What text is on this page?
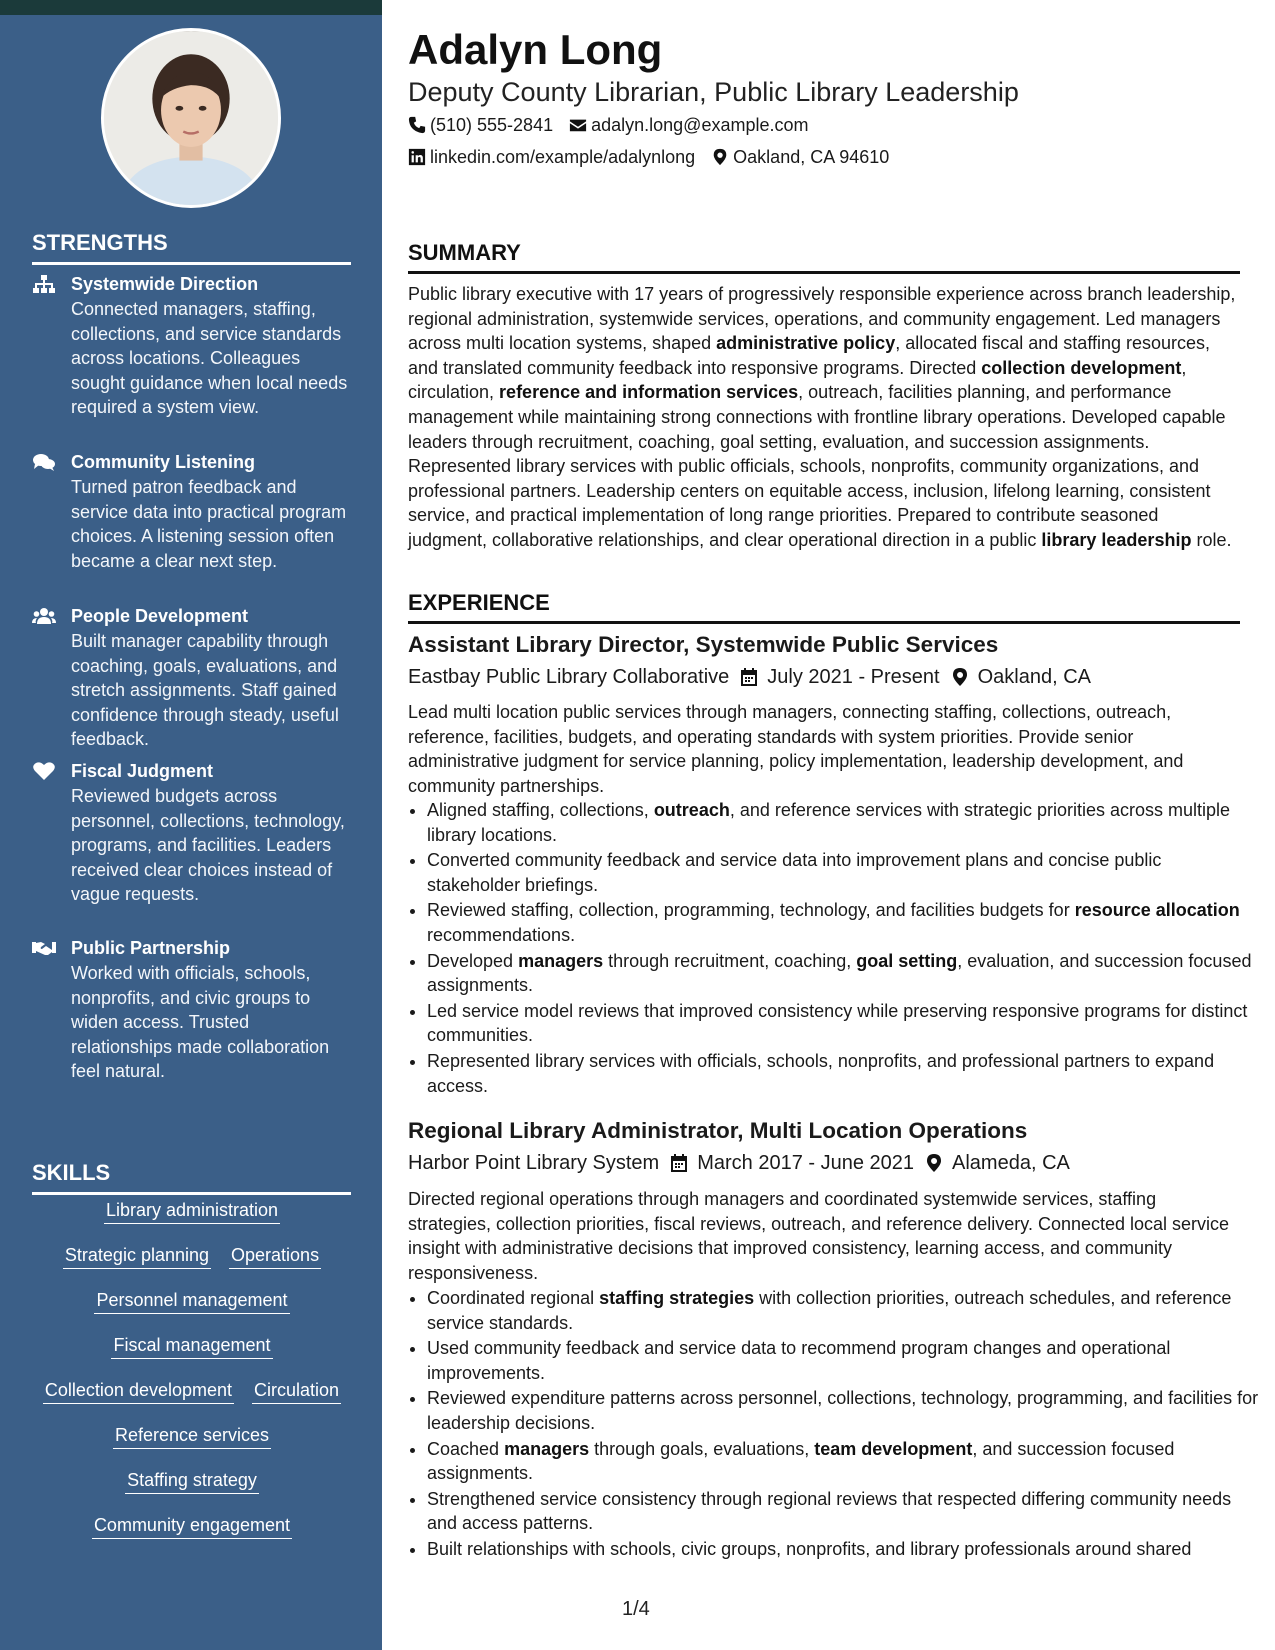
STRENGTHS
Systemwide Direction
Connected managers, staffing, collections, and service standards across locations. Colleagues sought guidance when local needs required a system view.
Community Listening
Turned patron feedback and service data into practical program choices. A listening session often became a clear next step.
People Development
Built manager capability through coaching, goals, evaluations, and stretch assignments. Staff gained confidence through steady, useful feedback.
Fiscal Judgment
Reviewed budgets across personnel, collections, technology, programs, and facilities. Leaders received clear choices instead of vague requests.
Public Partnership
Worked with officials, schools, nonprofits, and civic groups to widen access. Trusted relationships made collaboration feel natural.
SKILLS
Library administration
Strategic planning Operations
Personnel management
Fiscal management
Collection development Circulation
Reference services
Staffing strategy
Community engagement
Adalyn Long
Deputy County Librarian, Public Library Leadership
(510) 555-2841 adalyn.long@example.com
linkedin.com/example/adalynlong Oakland, CA 94610
SUMMARY

Public library executive with 17 years of progressively responsible experience across branch leadership, regional administration, systemwide services, operations, and community engagement. Led managers across multi location systems, shaped administrative policy, allocated fiscal and staffing resources, and translated community feedback into responsive programs. Directed collection development, circulation, reference and information services, outreach, facilities planning, and performance management while maintaining strong connections with frontline library operations. Developed capable leaders through recruitment, coaching, goal setting, evaluation, and succession assignments. Represented library services with public officials, schools, nonprofits, community organizations, and professional partners. Leadership centers on equitable access, inclusion, lifelong learning, consistent service, and practical implementation of long range priorities. Prepared to contribute seasoned judgment, collaborative relationships, and clear operational direction in a public library leadership role.

EXPERIENCE
Assistant Library Director, Systemwide Public Services
Eastbay Public Library Collaborative July 2021 - Present Oakland, CA

Lead multi location public services through managers, connecting staffing, collections, outreach, reference, facilities, budgets, and operating standards with system priorities. Provide senior administrative judgment for service planning, policy implementation, leadership development, and community partnerships.

• Aligned staffing, collections, outreach, and reference services with strategic priorities across multiple library locations.
• Converted community feedback and service data into improvement plans and concise public stakeholder briefings.
• Reviewed staffing, collection, programming, technology, and facilities budgets for resource allocation recommendations.
• Developed managers through recruitment, coaching, goal setting, evaluation, and succession focused assignments.
• Led service model reviews that improved consistency while preserving responsive programs for distinct communities.
• Represented library services with officials, schools, nonprofits, and professional partners to expand access.
Regional Library Administrator, Multi Location Operations
Harbor Point Library System March 2017 - June 2021 Alameda, CA

Directed regional operations through managers and coordinated systemwide services, staffing strategies, collection priorities, fiscal reviews, outreach, and reference delivery. Connected local service insight with administrative decisions that improved consistency, learning access, and community responsiveness.

• Coordinated regional staffing strategies with collection priorities, outreach schedules, and reference service standards.
• Used community feedback and service data to recommend program changes and operational improvements.
• Reviewed expenditure patterns across personnel, collections, technology, programming, and facilities for leadership decisions.
• Coached managers through goals, evaluations, team development, and succession focused assignments.
• Strengthened service consistency through regional reviews that respected differing community needs and access patterns.
• Built relationships with schools, civic groups, nonprofits, and library professionals around shared
1/4
